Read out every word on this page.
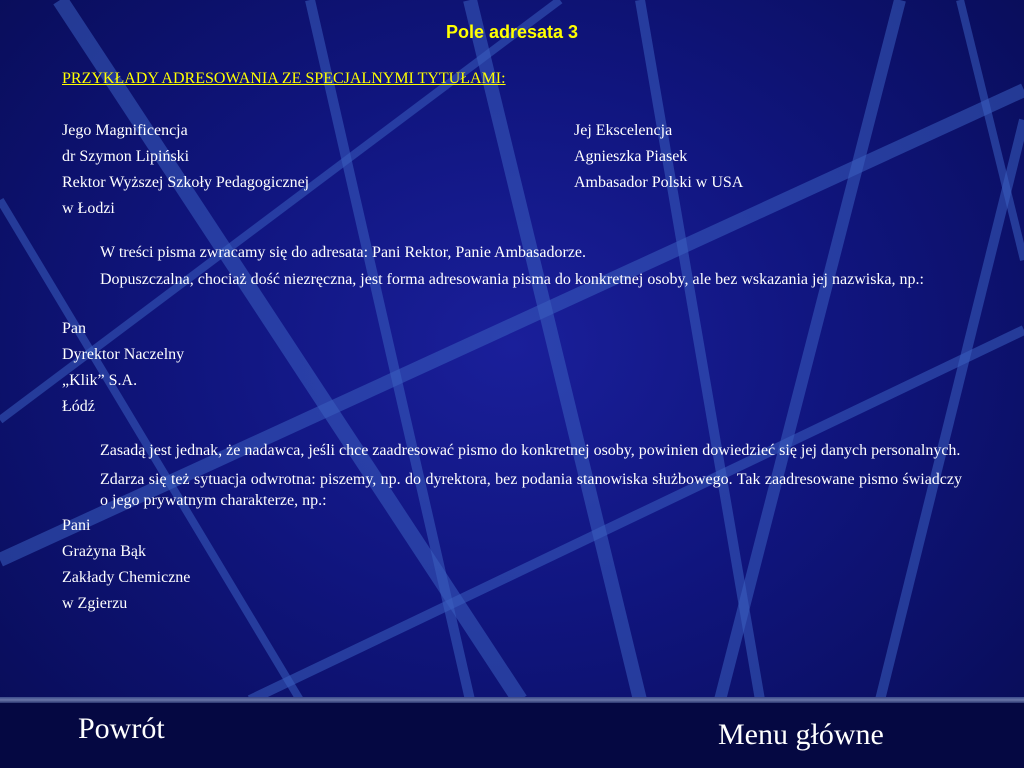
Pole adresata 3

PRZYKŁADY ADRESOWANIA ZE SPECJALNYMI TYTUŁAMI:

Jego Magnificencja

dr Szymon Lipiński

Rektor Wyższej Szkoły Pedagogicznej

w Łodzi

Jej Ekscelencja

Agnieszka Piasek

Ambasador Polski w USA

W treści pisma zwracamy się do adresata: Pani Rektor, Panie Ambasadorze.

Dopuszczalna, chociaż dość niezręczna, jest forma adresowania pisma do konkretnej osoby, ale bez wskazania jej nazwiska, np.:

Pan

Dyrektor Naczelny

„Klik” S.A.

Łódź

Zasadą jest jednak, że nadawca, jeśli chce zaadresować pismo do konkretnej osoby, powinien dowiedzieć się jej danych personalnych.

Zdarza się też sytuacja odwrotna: piszemy, np. do dyrektora, bez podania stanowiska służbowego. Tak zaadresowane pismo świadczy o jego prywatnym charakterze, np.:

Pani

Grażyna Bąk

Zakłady Chemiczne

w Zgierzu

Powrót	Menu główne
